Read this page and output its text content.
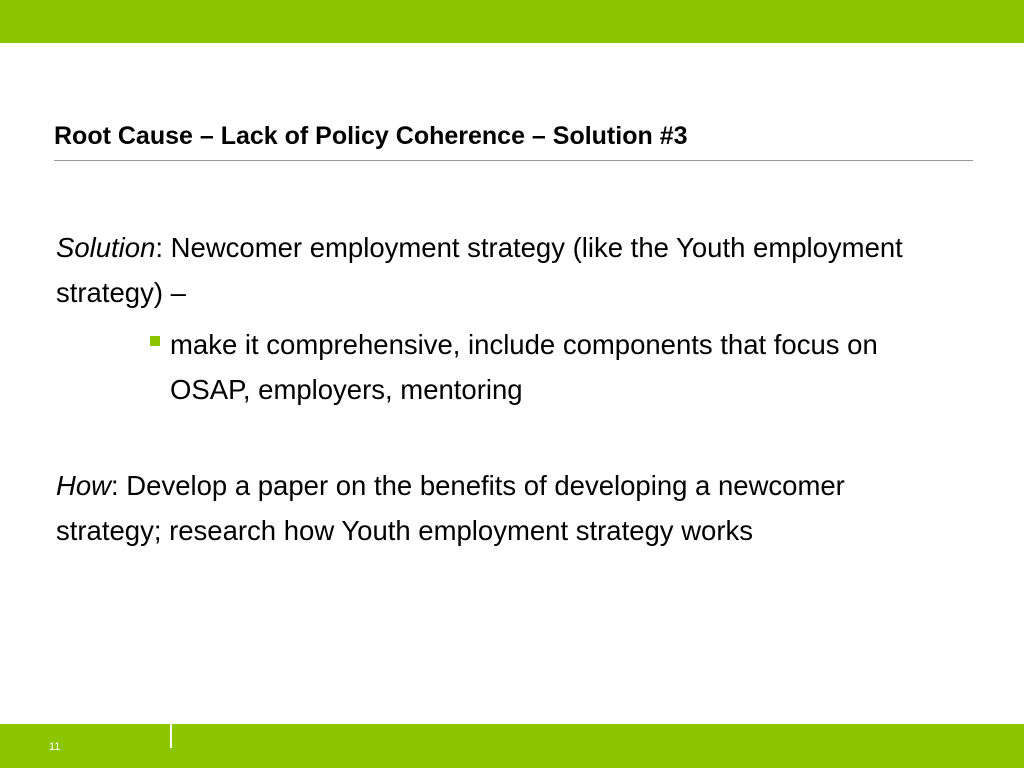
Root Cause – Lack of Policy Coherence – Solution #3
Solution: Newcomer employment strategy (like the Youth employment strategy) –
make it comprehensive, include components that focus on OSAP, employers, mentoring
How: Develop a paper on the benefits of developing a newcomer strategy; research how Youth employment strategy works
11
